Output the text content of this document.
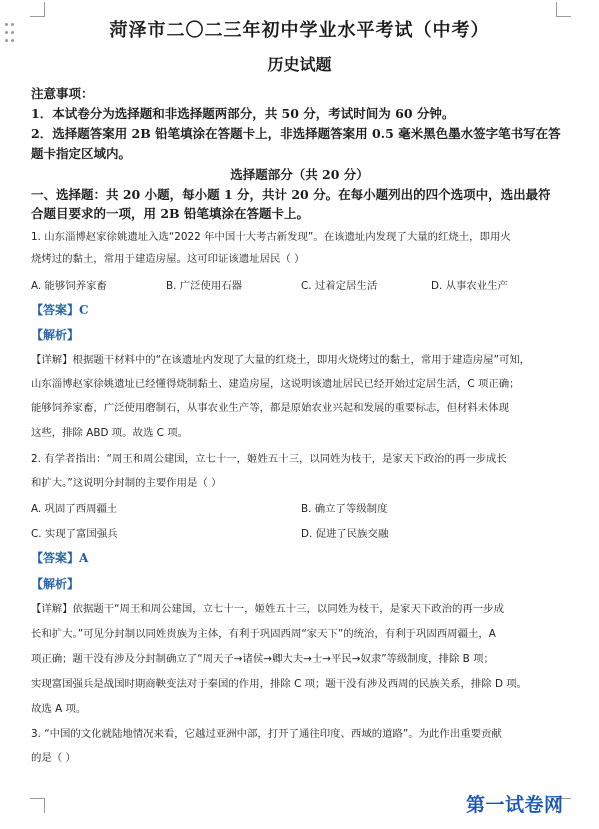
菏泽市二〇二三年初中学业水平考试（中考）
历史试题
注意事项：
1．本试卷分为选择题和非选择题两部分，共 50 分，考试时间为 60 分钟。
2．选择题答案用 2B 铅笔填涂在答题卡上，非选择题答案用 0.5 毫米黑色墨水签字笔书写在答
题卡指定区域内。
选择题部分（共 20 分）
一、选择题：共 20 小题，每小题 1 分，共计 20 分。在每小题列出的四个选项中，选出最符
合题目要求的一项，用 2B 铅笔填涂在答题卡上。
1. 山东淄博赵家徐姚遗址入选“2022 年中国十大考古新发现”。在该遗址内发现了大量的红烧土，即用火
烧烤过的黏土，常用于建造房屋。这可印证该遗址居民（ ）
A. 能够饲养家畜	B. 广泛使用石器	C. 过着定居生活	D. 从事农业生产
【答案】C
【解析】
【详解】根据题干材料中的“在该遗址内发现了大量的红烧土，即用火烧烤过的黏土，常用于建造房屋”可知，
山东淄博赵家徐姚遗址已经懂得烧制黏土、建造房屋，这说明该遗址居民已经开始过定居生活，C 项正确；
能够饲养家畜，广泛使用磨制石，从事农业生产等，都是原始农业兴起和发展的重要标志，但材料未体现
这些，排除 ABD 项。故选 C 项。
2. 有学者指出：“周王和周公建国，立七十一，姬姓五十三，以同姓为枝干，是家天下政治的再一步成长
和扩大。”这说明分封制的主要作用是（ ）
A. 巩固了西周疆土	B. 确立了等级制度
C. 实现了富国强兵	D. 促进了民族交融
【答案】A
【解析】
【详解】依据题干“周王和周公建国，立七十一，姬姓五十三，以同姓为枝干，是家天下政治的再一步成
长和扩大。”可见分封制以同姓贵族为主体，有利于巩固西周“家天下”的统治，有利于巩固西周疆土，A
项正确；题干没有涉及分封制确立了“周天子→诸侯→卿大夫→士→平民→奴隶”等级制度，排除 B 项；
实现富国强兵是战国时期商鞅变法对于秦国的作用，排除 C 项；题干没有涉及西周的民族关系，排除 D 项。
故选 A 项。
3. “中国的文化就陆地情况来看，它越过亚洲中部，打开了通往印度、西域的道路”。为此作出重要贡献
的是（ ）
第一试卷网
